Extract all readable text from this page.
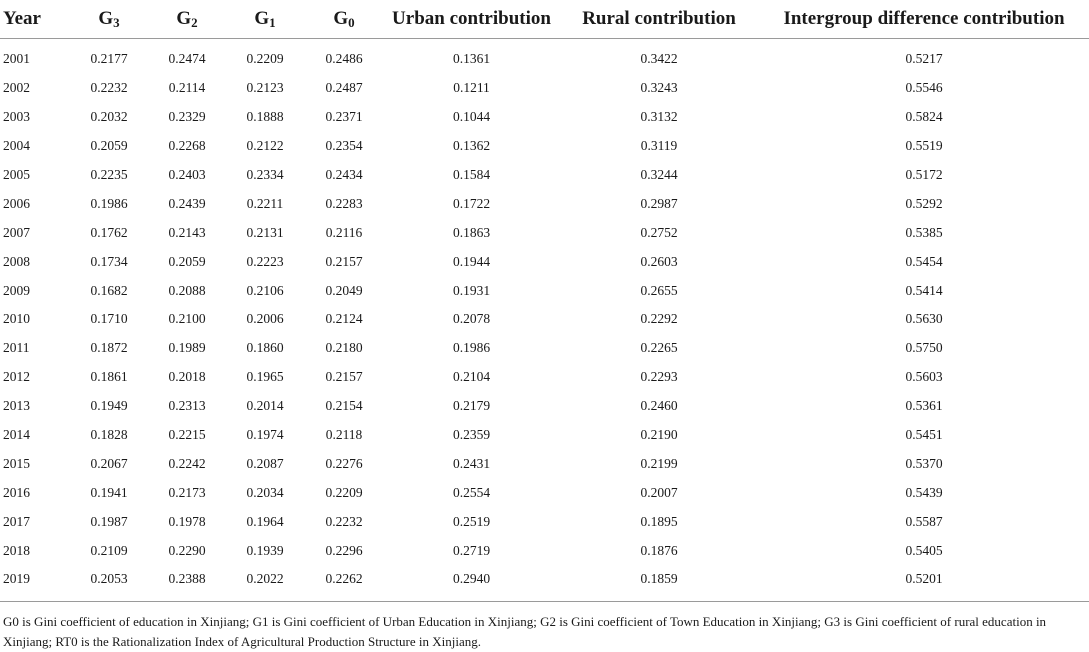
Year	$G_3$	$G_2$	$G_1$	$G_0$	Urban contribution	Rural contribution	Intergroup difference contribution
2001	0.2177	0.2474	0.2209	0.2486	0.1361	0.3422	0.5217
2002	0.2232	0.2114	0.2123	0.2487	0.1211	0.3243	0.5546
2003	0.2032	0.2329	0.1888	0.2371	0.1044	0.3132	0.5824
2004	0.2059	0.2268	0.2122	0.2354	0.1362	0.3119	0.5519
2005	0.2235	0.2403	0.2334	0.2434	0.1584	0.3244	0.5172
2006	0.1986	0.2439	0.2211	0.2283	0.1722	0.2987	0.5292
2007	0.1762	0.2143	0.2131	0.2116	0.1863	0.2752	0.5385
2008	0.1734	0.2059	0.2223	0.2157	0.1944	0.2603	0.5454
2009	0.1682	0.2088	0.2106	0.2049	0.1931	0.2655	0.5414
2010	0.1710	0.2100	0.2006	0.2124	0.2078	0.2292	0.5630
2011	0.1872	0.1989	0.1860	0.2180	0.1986	0.2265	0.5750
2012	0.1861	0.2018	0.1965	0.2157	0.2104	0.2293	0.5603
2013	0.1949	0.2313	0.2014	0.2154	0.2179	0.2460	0.5361
2014	0.1828	0.2215	0.1974	0.2118	0.2359	0.2190	0.5451
2015	0.2067	0.2242	0.2087	0.2276	0.2431	0.2199	0.5370
2016	0.1941	0.2173	0.2034	0.2209	0.2554	0.2007	0.5439
2017	0.1987	0.1978	0.1964	0.2232	0.2519	0.1895	0.5587
2018	0.2109	0.2290	0.1939	0.2296	0.2719	0.1876	0.5405
2019	0.2053	0.2388	0.2022	0.2262	0.2940	0.1859	0.5201
G0 is Gini coefficient of education in Xinjiang; G1 is Gini coefficient of Urban Education in Xinjiang; G2 is Gini coefficient of Town Education in Xinjiang; G3 is Gini coefficient of rural education in Xinjiang; RT0 is the Rationalization Index of Agricultural Production Structure in Xinjiang.
